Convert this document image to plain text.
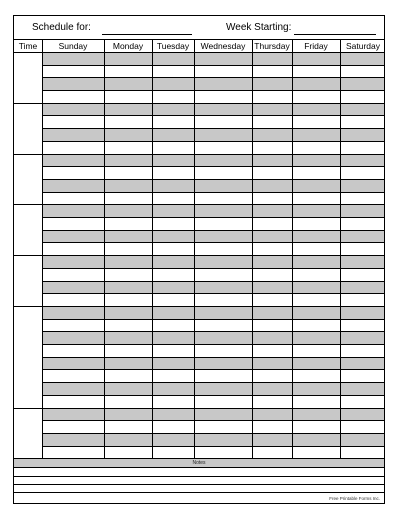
Schedule for:	Week Starting:
Time	Sunday	Monday	Tuesday	Wednesday	Thursday	Friday	Saturday
Notes
Free Printable Forms Inc.
